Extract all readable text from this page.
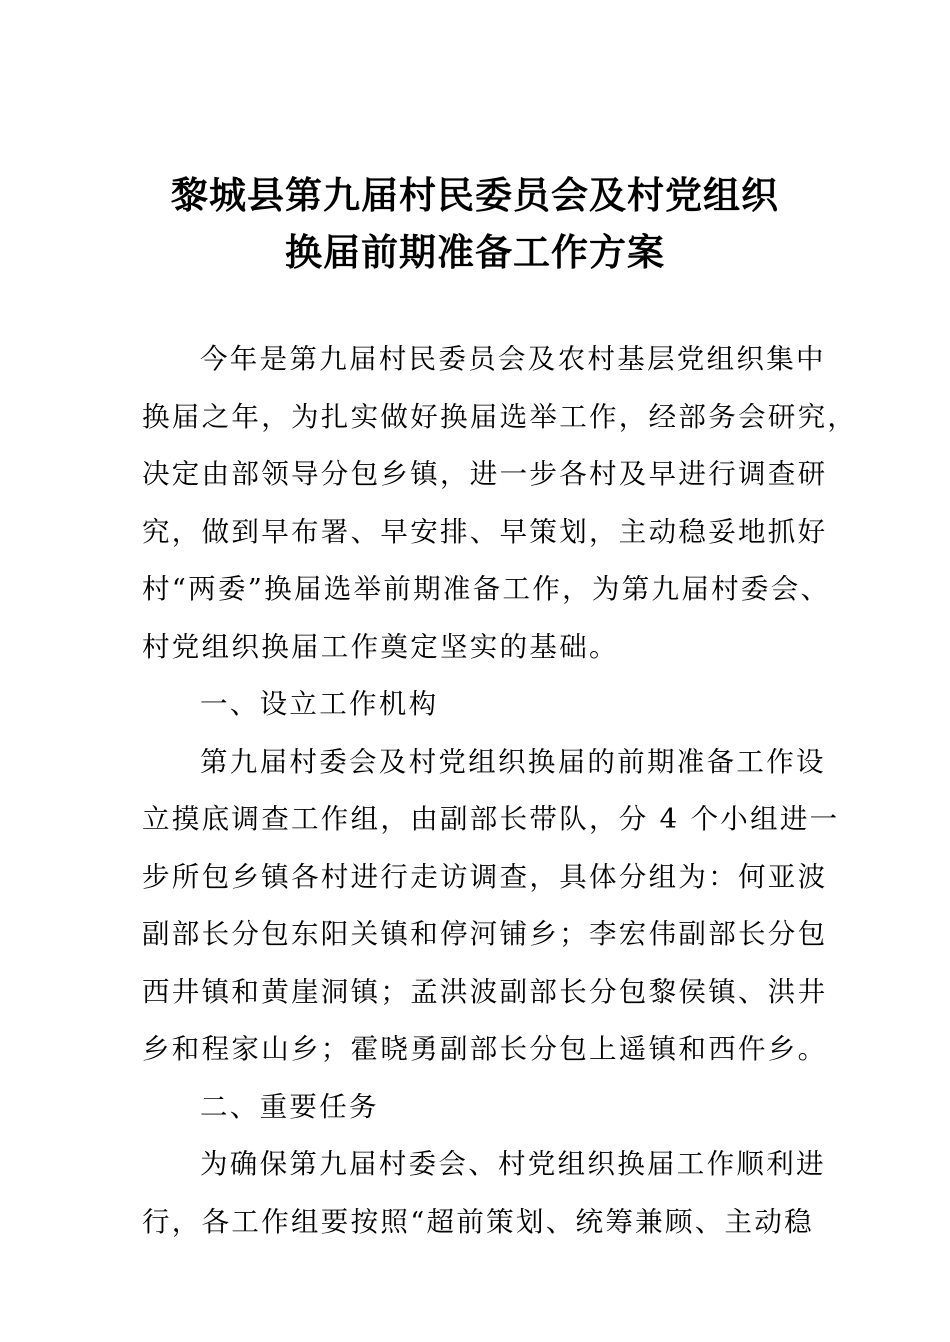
黎城县第九届村民委员会及村党组织
换届前期准备工作方案
今年是第九届村民委员会及农村基层党组织集中
换届之年，为扎实做好换届选举工作，经部务会研究，
决定由部领导分包乡镇，进一步各村及早进行调查研
究，做到早布署、早安排、早策划，主动稳妥地抓好
村“两委”换届选举前期准备工作，为第九届村委会、
村党组织换届工作奠定坚实的基础。
一、设立工作机构
第九届村委会及村党组织换届的前期准备工作设
立摸底调查工作组，由副部长带队，分 4 个小组进一
步所包乡镇各村进行走访调查，具体分组为：何亚波
副部长分包东阳关镇和停河铺乡；李宏伟副部长分包
西井镇和黄崖洞镇；孟洪波副部长分包黎侯镇、洪井
乡和程家山乡；霍晓勇副部长分包上遥镇和西仵乡。
二、重要任务
为确保第九届村委会、村党组织换届工作顺利进
行，各工作组要按照“超前策划、统筹兼顾、主动稳
